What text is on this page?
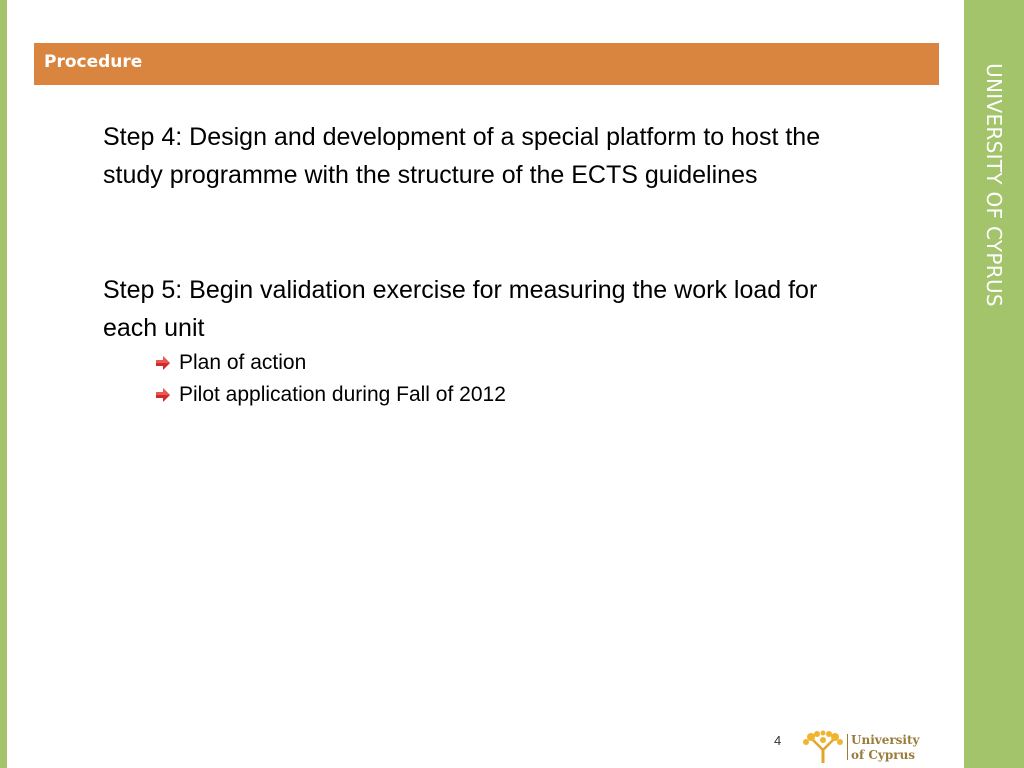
UNIVERSITY OF CYPRUS
Procedure

Step 4: Design and development of a special platform to host the study programme with the structure of the ECTS guidelines

Step 5: Begin validation exercise for measuring the work load for each unit

Plan of action
Pilot application during Fall of 2012
4	University
of Cyprus
